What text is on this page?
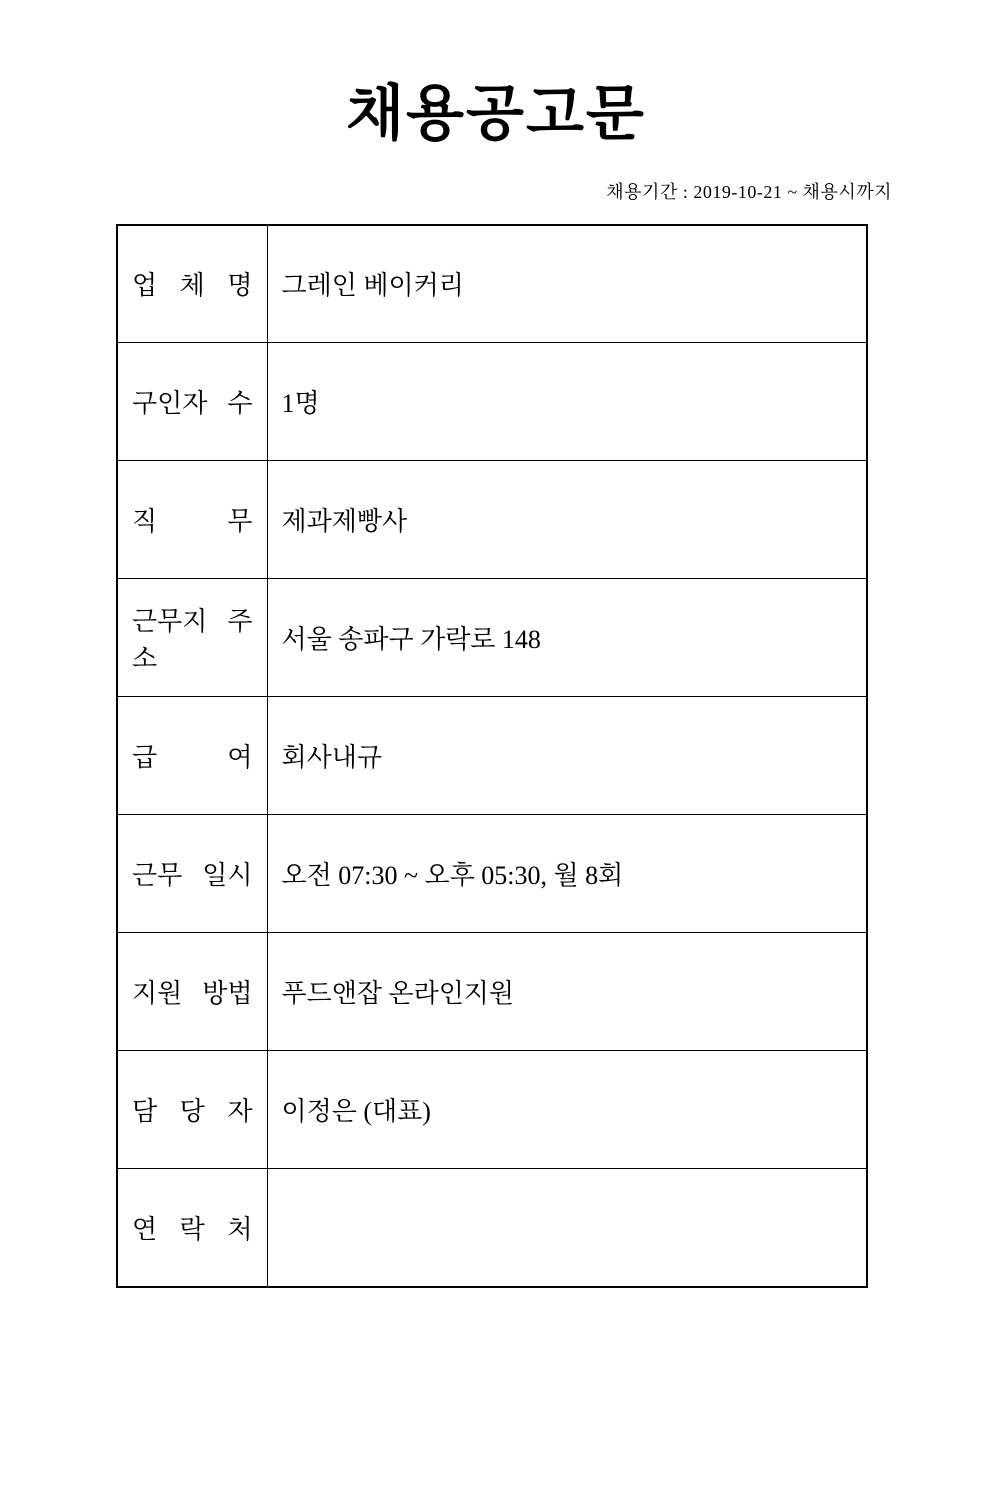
채용공고문
채용기간 : 2019-10-21 ~ 채용시까지
업 체 명	그레인 베이커리
구인자 수	1명
직 무	제과제빵사
근무지 주소	서울 송파구 가락로 148
급 여	회사내규
근무 일시	오전 07:30 ~ 오후 05:30, 월 8회
지원 방법	푸드앤잡 온라인지원
담 당 자	이정은 (대표)
연 락 처	
